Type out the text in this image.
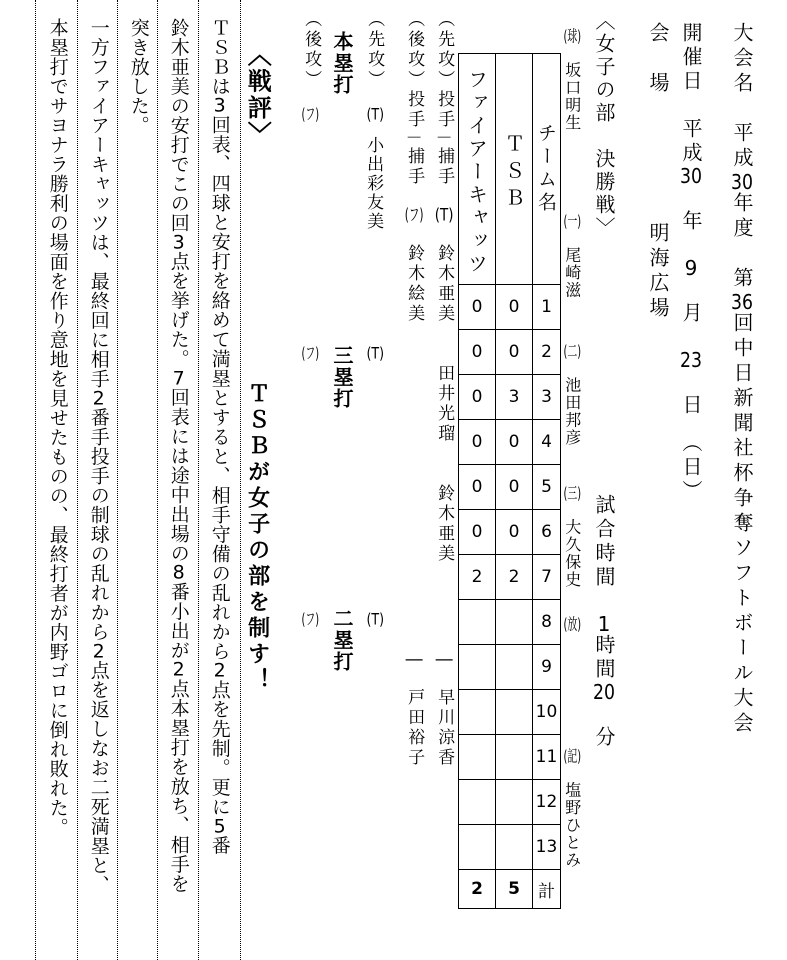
大会名　平成30年度　第36回中日新聞社杯争奪ソフトボール大会
開催日　平成30　年　9　月　23　日　（日）
会　場　　　　　明海広場
〈女子の部　決勝戦〉
試合時間　1時間20　分
(球)　坂口明生
(一)　尾崎滋
(二)　池田邦彦
(三)　大久保史
(放)
(記)　塩野ひとみ
ファイアーキャッツ	ＴＳＢ	チーム名

0	0	1
0	0	2
0	3	3
0	0	4
0	0	5
0	0	6
2	2	7
		8
		9
		10
		11
		12
		13
2	5	計
（先攻）投手－捕手　(T)　鈴木亜美　　田井光瑠　　鈴木亜美
―　早川涼香
（後攻）投手－捕手　(フ)　鈴木絵美
―　戸田裕子
（先攻）
（後攻） 本塁打
(T)
小出彩友美
(フ)
三塁打 (T)
(フ)
二塁打 (T)
(フ)
〈戦評〉
ＴＳＢが女子の部を制す！
ＴＳＢは3回表、四球と安打を絡めて満塁とすると、相手守備の乱れから2点を先制。更に5番
鈴木亜美の安打でこの回3点を挙げた。7回表には途中出場の8番小出が2点本塁打を放ち、相手を
突き放した。
一方ファイアーキャッツは、最終回に相手2番手投手の制球の乱れから2点を返しなお二死満塁と、
本塁打でサヨナラ勝利の場面を作り意地を見せたものの、最終打者が内野ゴロに倒れ敗れた。
